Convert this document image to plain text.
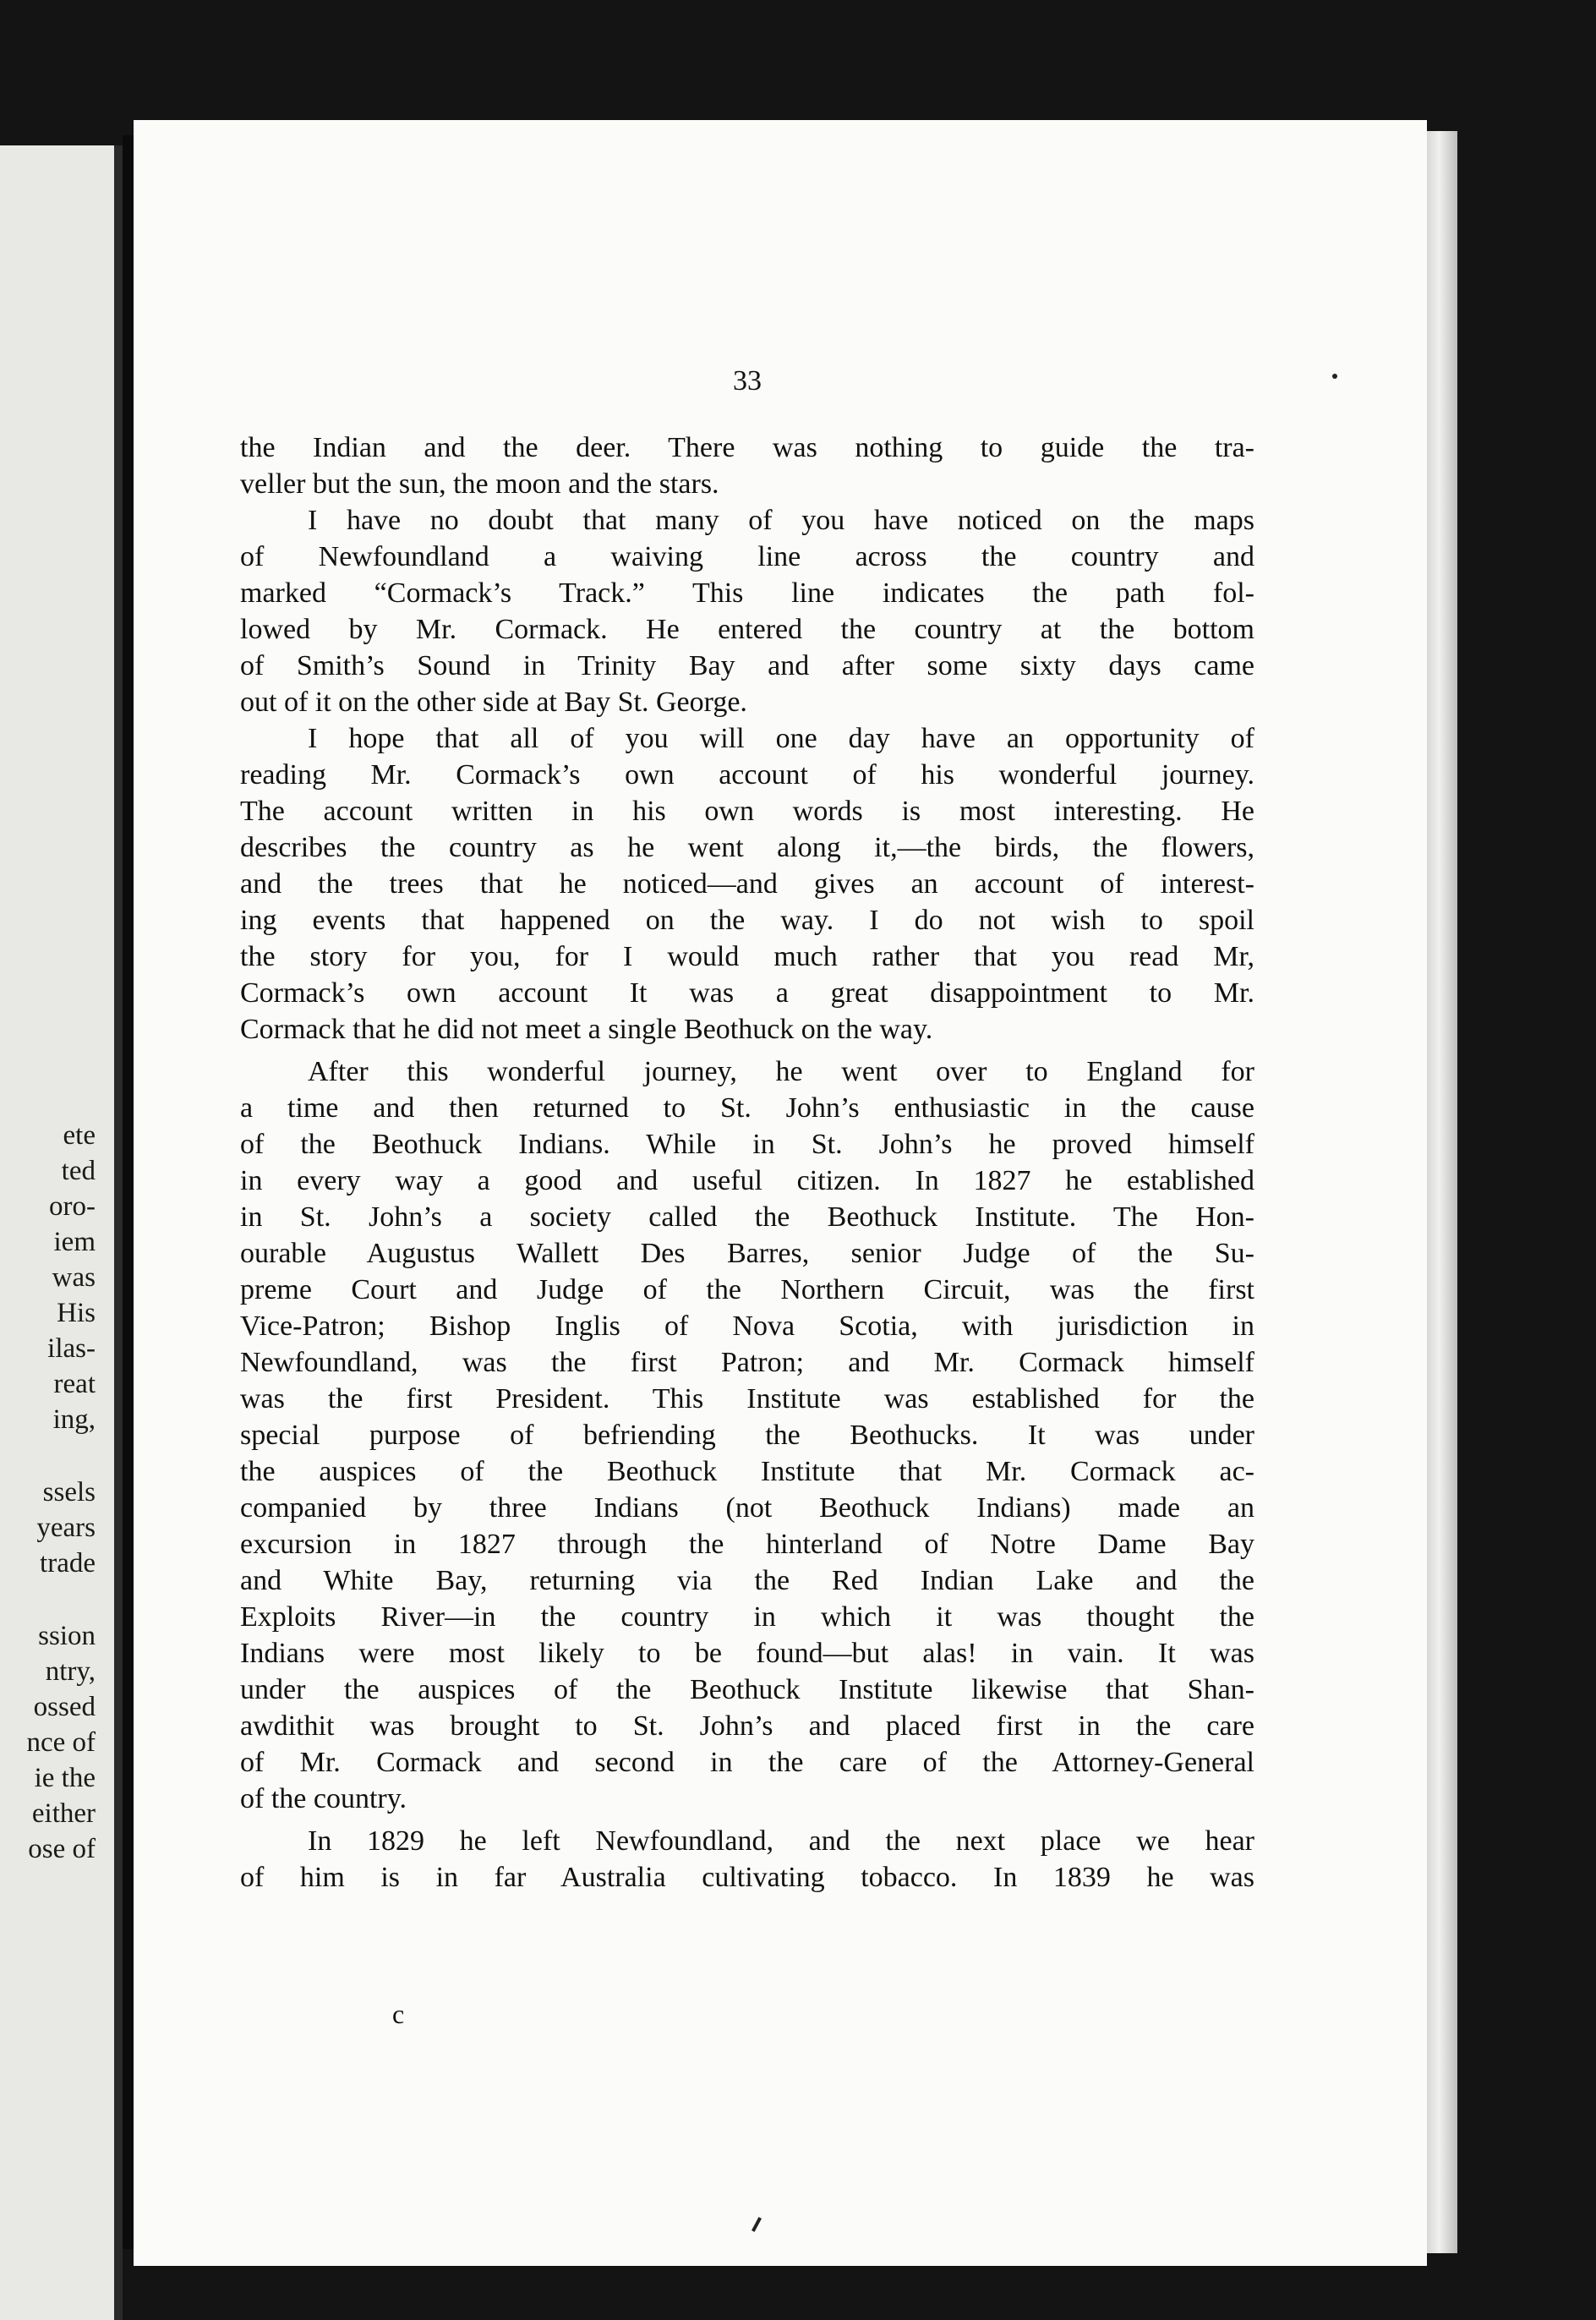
ete
ted
oro-
iem
was
His
ilas-
reat
ing,
ssels
years
trade
ssion
ntry,
ossed
nce of
ie the
either
ose of
33
the Indian and the deer. There was nothing to guide the tra-
veller but the sun, the moon and the stars.
I have no doubt that many of you have noticed on the maps
of Newfoundland a waiving line across the country and
marked “Cormack’s Track.” This line indicates the path fol-
lowed by Mr. Cormack. He entered the country at the bottom
of Smith’s Sound in Trinity Bay and after some sixty days came
out of it on the other side at Bay St. George.
I hope that all of you will one day have an opportunity of
reading Mr. Cormack’s own account of his wonderful journey.
The account written in his own words is most interesting. He
describes the country as he went along it,—the birds, the flowers,
and the trees that he noticed—and gives an account of interest-
ing events that happened on the way. I do not wish to spoil
the story for you, for I would much rather that you read Mr,
Cormack’s own account It was a great disappointment to Mr.
Cormack that he did not meet a single Beothuck on the way.
After this wonderful journey, he went over to England for
a time and then returned to St. John’s enthusiastic in the cause
of the Beothuck Indians. While in St. John’s he proved himself
in every way a good and useful citizen. In 1827 he established
in St. John’s a society called the Beothuck Institute. The Hon-
ourable Augustus Wallett Des Barres, senior Judge of the Su-
preme Court and Judge of the Northern Circuit, was the first
Vice-Patron; Bishop Inglis of Nova Scotia, with jurisdiction in
Newfoundland, was the first Patron; and Mr. Cormack himself
was the first President. This Institute was established for the
special purpose of befriending the Beothucks. It was under
the auspices of the Beothuck Institute that Mr. Cormack ac-
companied by three Indians (not Beothuck Indians) made an
excursion in 1827 through the hinterland of Notre Dame Bay
and White Bay, returning via the Red Indian Lake and the
Exploits River—in the country in which it was thought the
Indians were most likely to be found—but alas! in vain. It was
under the auspices of the Beothuck Institute likewise that Shan-
awdithit was brought to St. John’s and placed first in the care
of Mr. Cormack and second in the care of the Attorney-General
of the country.
In 1829 he left Newfoundland, and the next place we hear
of him is in far Australia cultivating tobacco. In 1839 he was
c
